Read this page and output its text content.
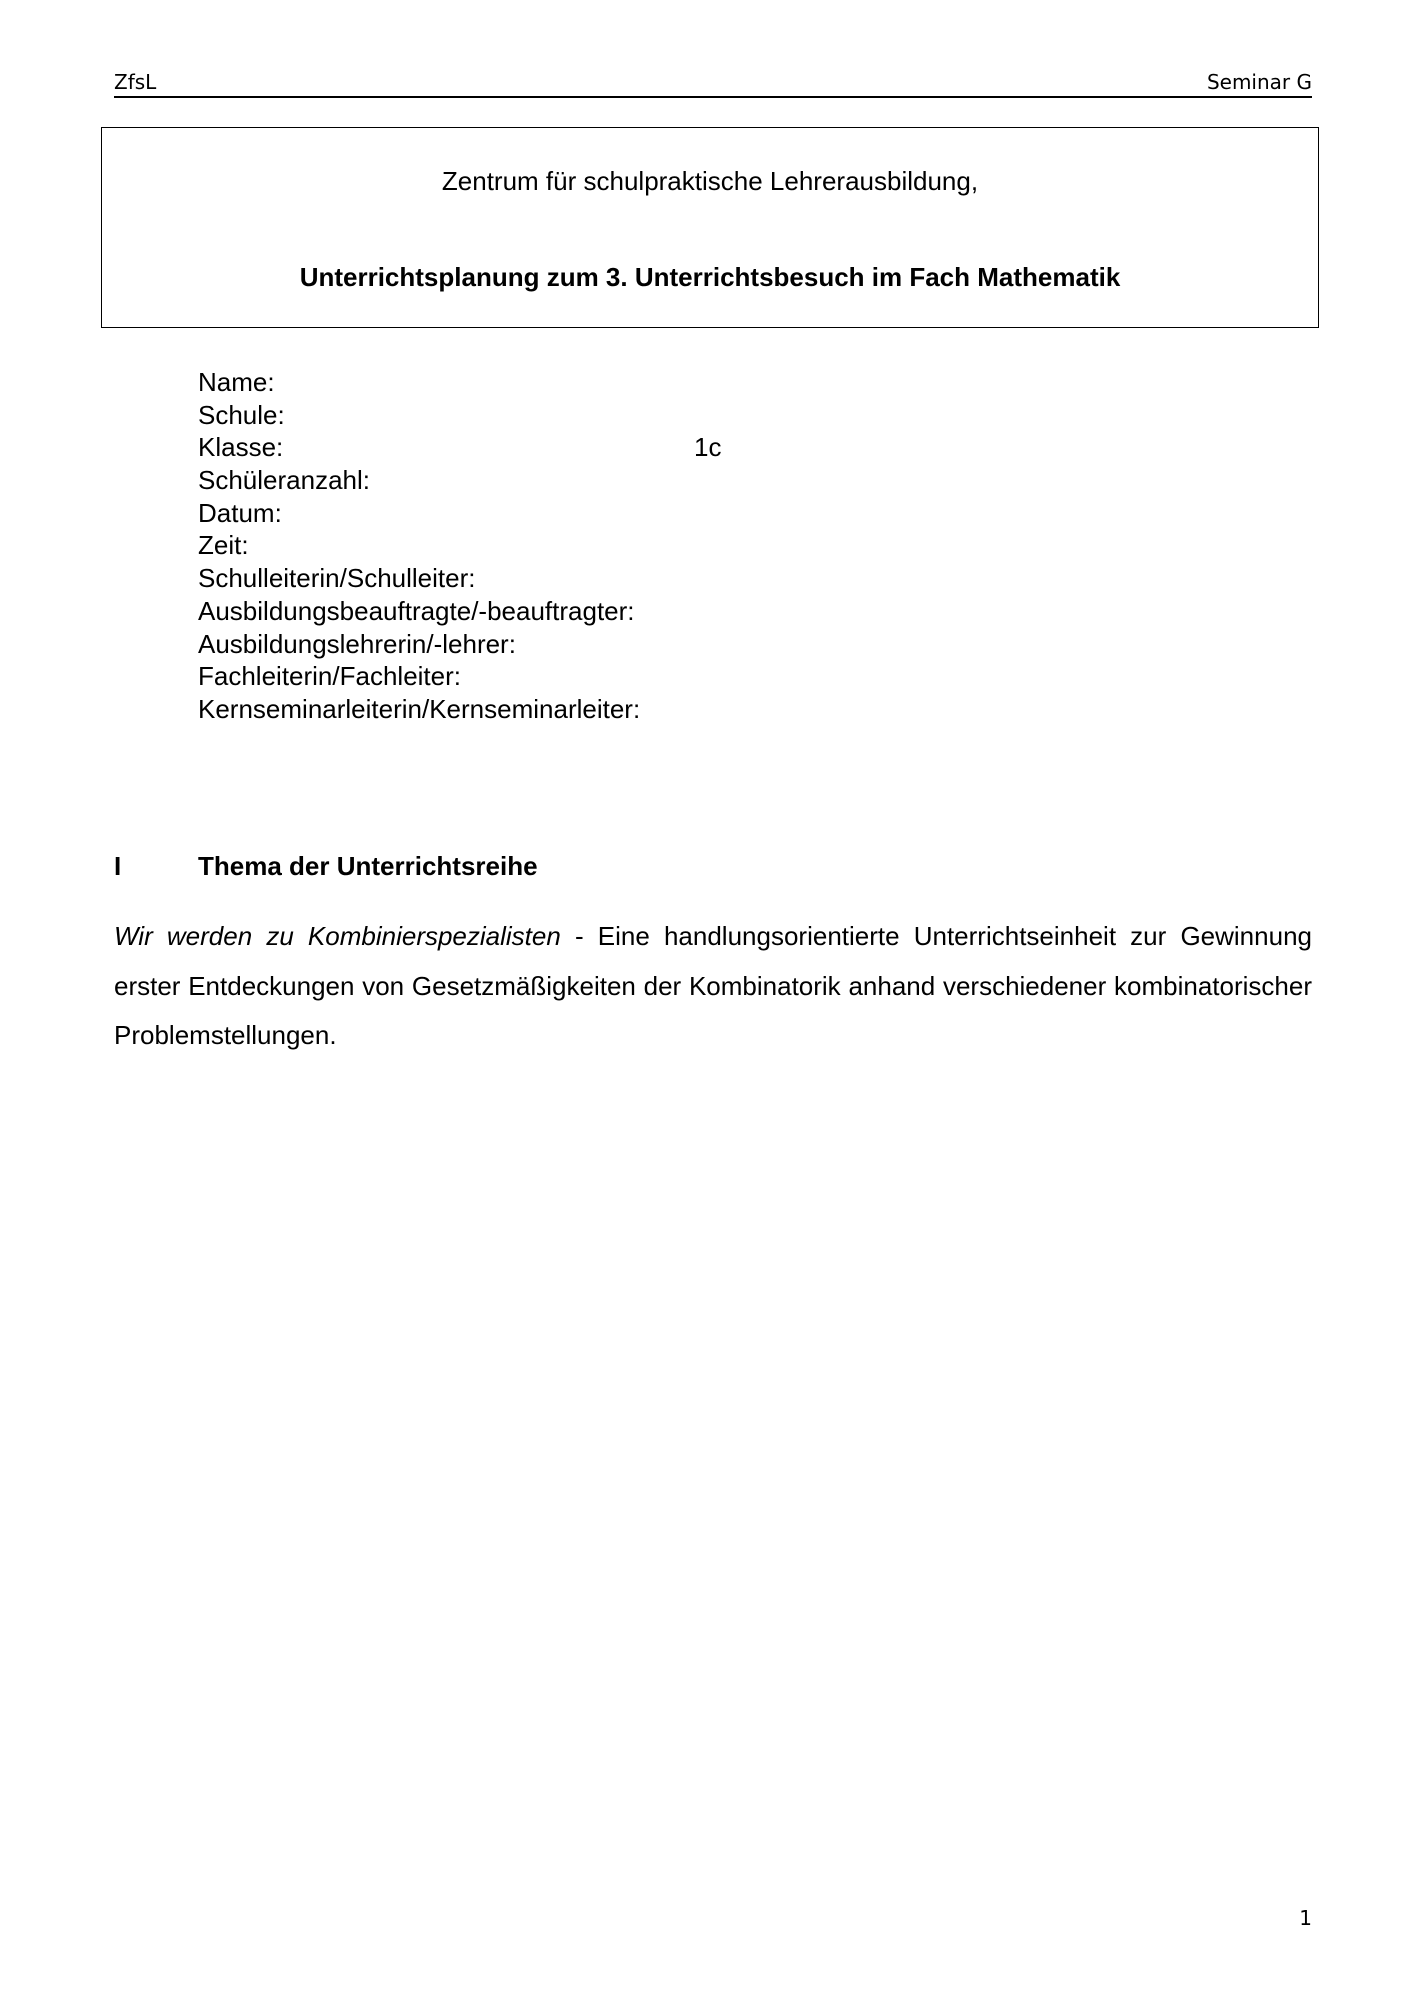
ZfsL	Seminar G
Zentrum für schulpraktische Lehrerausbildung,
Unterrichtsplanung zum 3. Unterrichtsbesuch im Fach Mathematik
Name:
Schule:
Klasse:	1c
Schüleranzahl:
Datum:
Zeit:
Schulleiterin/Schulleiter:
Ausbildungsbeauftragte/-beauftragter:
Ausbildungslehrerin/-lehrer:
Fachleiterin/Fachleiter:
Kernseminarleiterin/Kernseminarleiter:
I	Thema der Unterrichtsreihe
Wir werden zu Kombinierspezialisten - Eine handlungsorientierte Unterrichtseinheit zur Gewinnung erster Entdeckungen von Gesetzmäßigkeiten der Kombinatorik anhand verschiedener kombinatorischer Problemstellungen.
1
